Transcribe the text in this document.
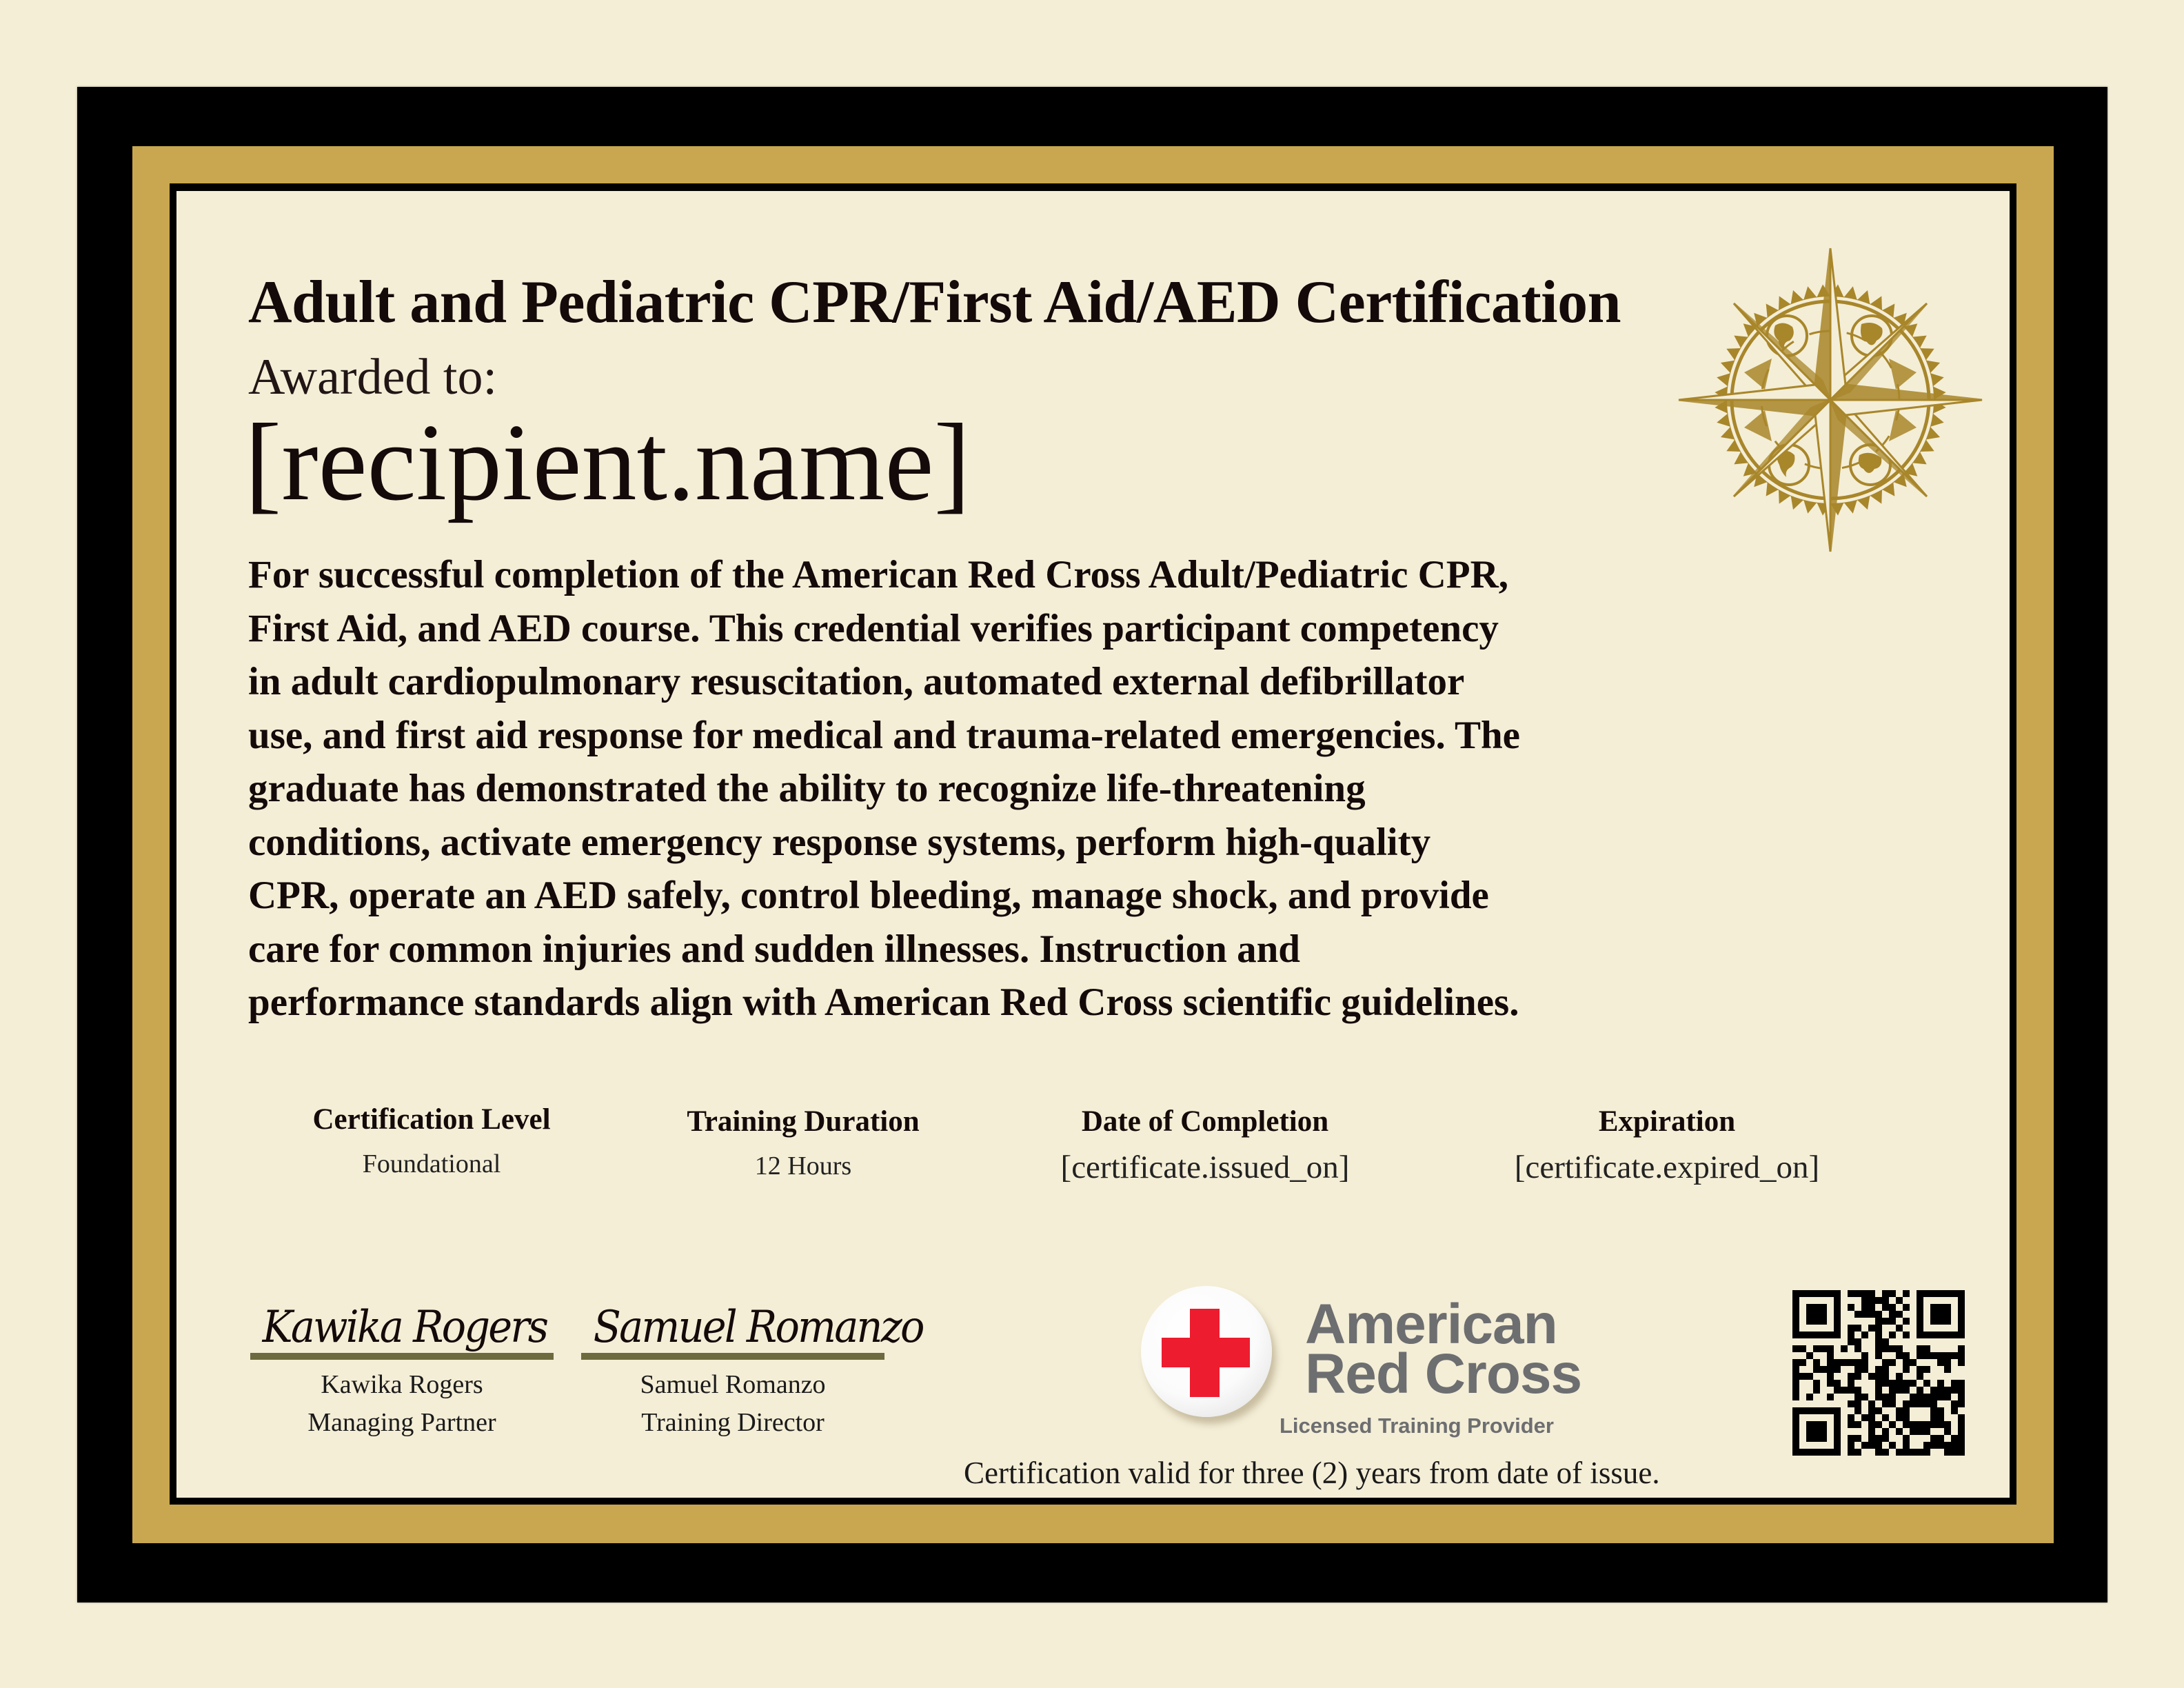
Adult and Pediatric CPR/First Aid/AED Certification
Awarded to:
[recipient.name]
For successful completion of the American Red Cross Adult/Pediatric CPR,
First Aid, and AED course. This credential verifies participant competency
in adult cardiopulmonary resuscitation, automated external defibrillator
use, and first aid response for medical and trauma-related emergencies. The
graduate has demonstrated the ability to recognize life-threatening
conditions, activate emergency response systems, perform high-quality
CPR, operate an AED safely, control bleeding, manage shock, and provide
care for common injuries and sudden illnesses. Instruction and
performance standards align with American Red Cross scientific guidelines.
Certification Level
Foundational
Training Duration
12 Hours
Date of Completion
[certificate.issued_on]
Expiration
[certificate.expired_on]
Kawika Rogers
Kawika Rogers
Managing Partner
Samuel Romanzo
Samuel Romanzo
Training Director
American
Red Cross
Licensed Training Provider
Certification valid for three (2) years from date of issue.
